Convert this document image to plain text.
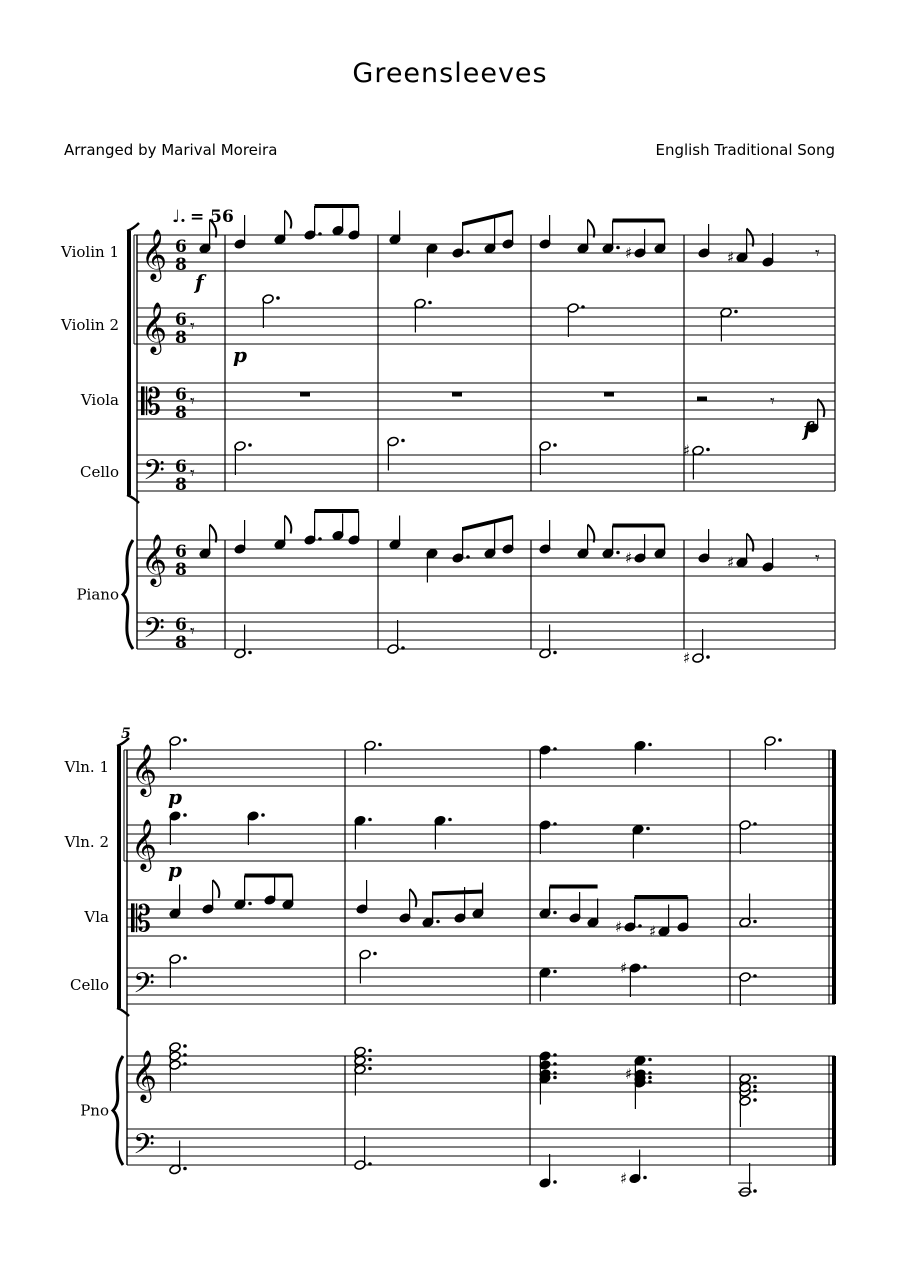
Greensleeves
Arranged by Marival Moreira	English Traditional Song
𝄞
𝄞
𝄡
𝄢
𝄞
𝄢
Violin 1
Violin 2
Viola
Cello
Piano
𝄞
𝄞
𝄡
𝄢
𝄞
𝄢
Vln. 1
Vln. 2
Vla
Cello
Pno
6
8
6
8
6
8
6
8
6
8
6
8
♩. = 56
♯	♯	𝄾
♯	♯	𝄾
𝄾
𝄾
𝄾
𝄾
𝄾
♯
♯
f
p
f
5
♯ ♯
♯
♯
♯
p
p
